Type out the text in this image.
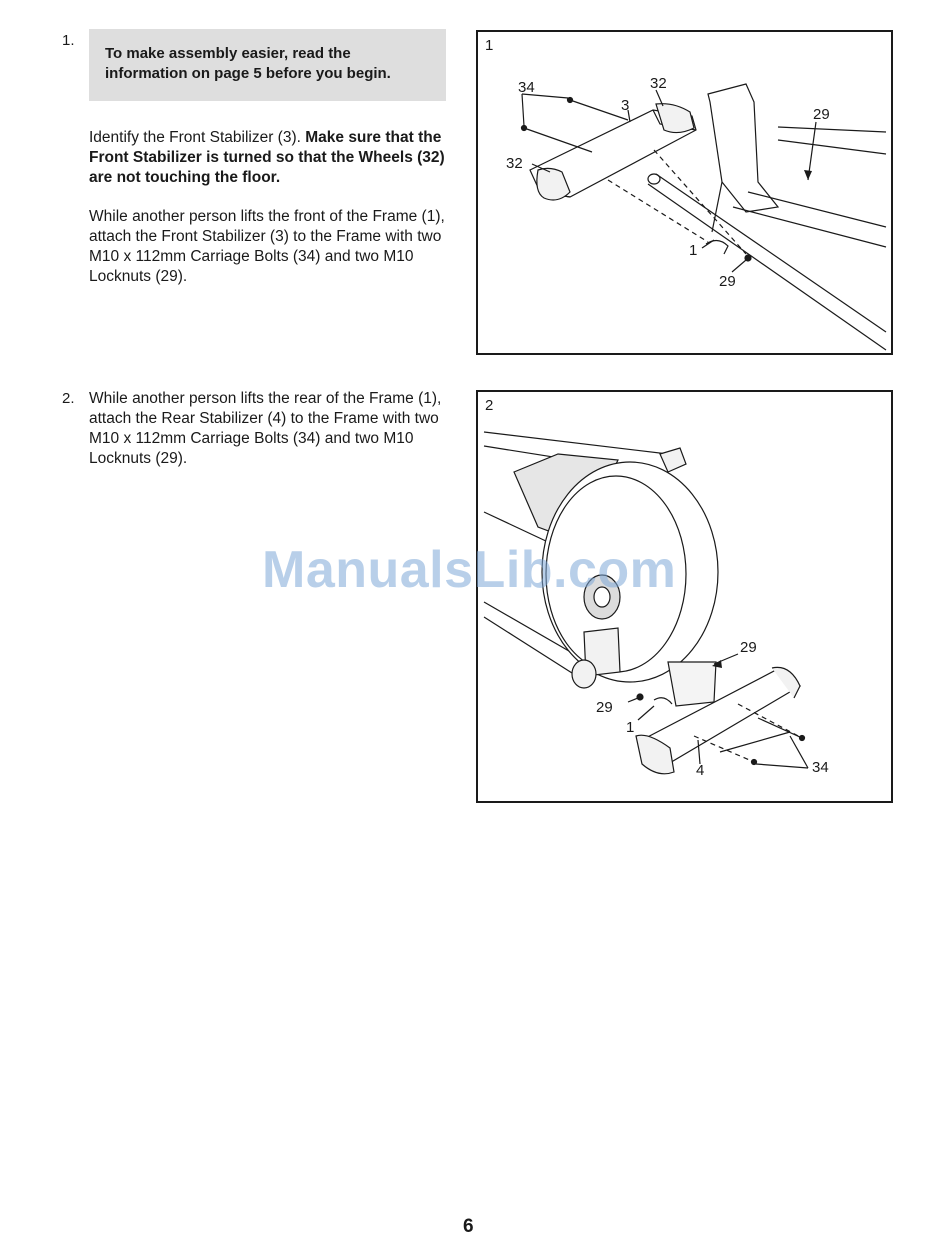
1.
To make assembly easier, read the information on page 5 before you begin.
Identify the Front Stabilizer (3). Make sure that the Front Stabilizer is turned so that the Wheels (32) are not touching the floor.
While another person lifts the front of the Frame (1), attach the Front Stabilizer (3) to the Frame with two M10 x 112mm Carriage Bolts (34) and two M10 Locknuts (29).
34	32
3
29
32
1
29
1
2. While another person lifts the rear of the Frame (1), attach the Rear Stabilizer (4) to the Frame with two M10 x 112mm Carriage Bolts (34) and two M10 Locknuts (29).
29
29
1
4	34
2
ManualsLib.com
6
